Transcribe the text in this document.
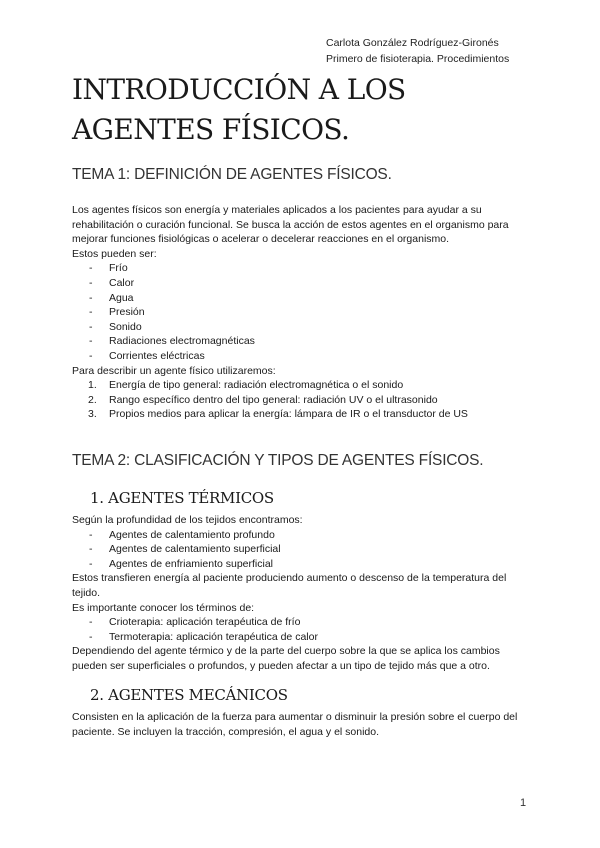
Carlota González Rodríguez-Gironés
Primero de fisioterapia. Procedimientos
INTRODUCCIÓN A LOS AGENTES FÍSICOS.
TEMA 1: DEFINICIÓN DE AGENTES FÍSICOS.
Los agentes físicos son energía y materiales aplicados a los pacientes para ayudar a su rehabilitación o curación funcional. Se busca la acción de estos agentes en el organismo para mejorar funciones fisiológicas o acelerar o decelerar reacciones en el organismo.
Estos pueden ser:
- Frío
- Calor
- Agua
- Presión
- Sonido
- Radiaciones electromagnéticas
- Corrientes eléctricas
Para describir un agente físico utilizaremos:
1. Energía de tipo general: radiación electromagnética o el sonido
2. Rango específico dentro del tipo general: radiación UV o el ultrasonido
3. Propios medios para aplicar la energía: lámpara de IR o el transductor de US
TEMA 2: CLASIFICACIÓN Y TIPOS DE AGENTES FÍSICOS.
1. AGENTES TÉRMICOS
Según la profundidad de los tejidos encontramos:
- Agentes de calentamiento profundo
- Agentes de calentamiento superficial
- Agentes de enfriamiento superficial
Estos transfieren energía al paciente produciendo aumento o descenso de la temperatura del tejido.
Es importante conocer los términos de:
- Crioterapia: aplicación terapéutica de frío
- Termoterapia: aplicación terapéutica de calor
Dependiendo del agente térmico y de la parte del cuerpo sobre la que se aplica los cambios pueden ser superficiales o profundos, y pueden afectar a un tipo de tejido más que a otro.
2. AGENTES MECÁNICOS
Consisten en la aplicación de la fuerza para aumentar o disminuir la presión sobre el cuerpo del paciente. Se incluyen la tracción, compresión, el agua y el sonido.
1
